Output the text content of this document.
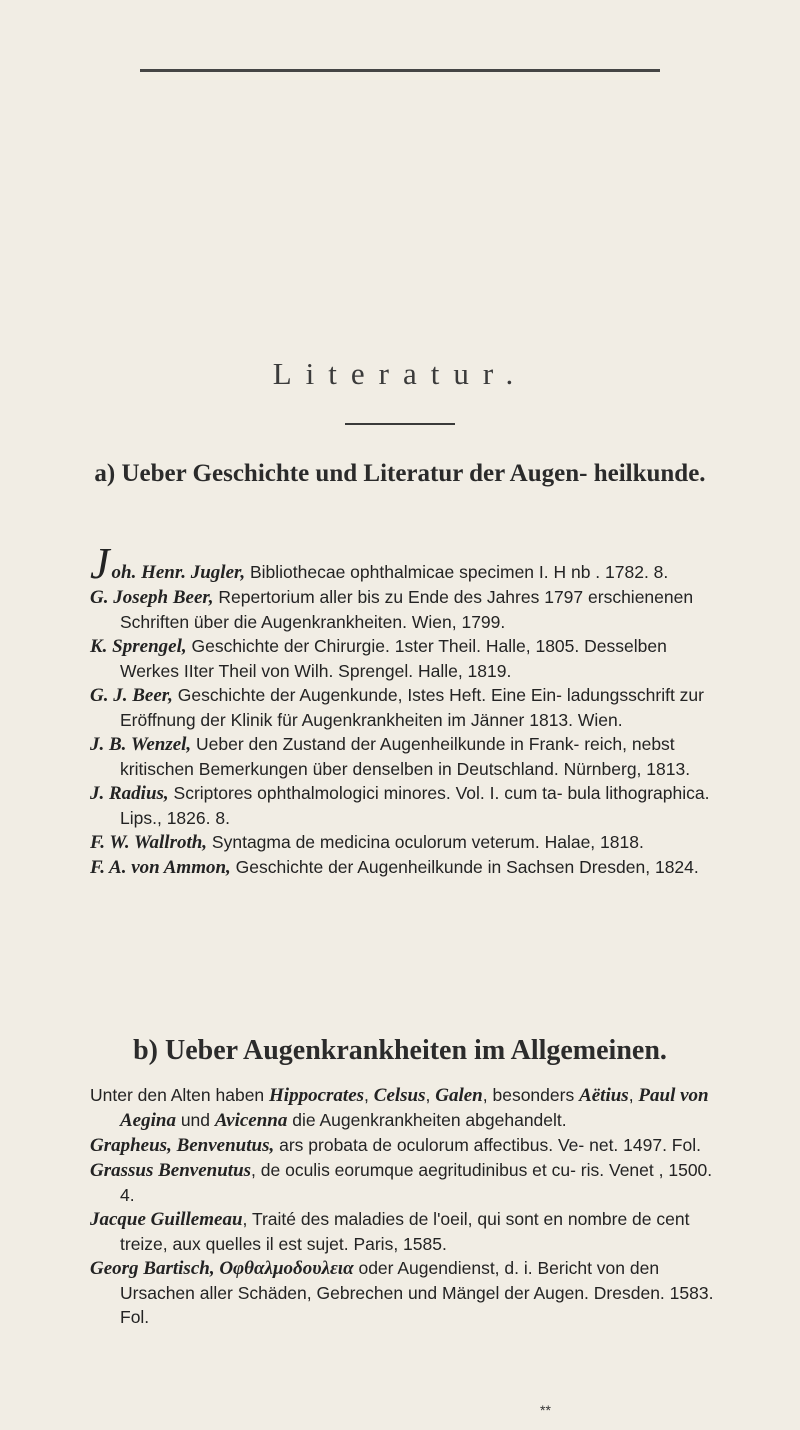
Literatur.
a) Ueber Geschichte und Literatur der Augen- heilkunde.

Joh. Henr. Jugler, Bibliothecae ophthalmicae specimen I. H nb . 1782. 8.

G. Joseph Beer, Repertorium aller bis zu Ende des Jahres 1797 erschienenen Schriften über die Augenkrankheiten. Wien, 1799.

K. Sprengel, Geschichte der Chirurgie. 1ster Theil. Halle, 1805. Desselben Werkes IIter Theil von Wilh. Sprengel. Halle, 1819.

G. J. Beer, Geschichte der Augenkunde, Istes Heft. Eine Ein- ladungsschrift zur Eröffnung der Klinik für Augenkrankheiten im Jänner 1813. Wien.

J. B. Wenzel, Ueber den Zustand der Augenheilkunde in Frank- reich, nebst kritischen Bemerkungen über denselben in Deutschland. Nürnberg, 1813.

J. Radius, Scriptores ophthalmologici minores. Vol. I. cum ta- bula lithographica. Lips., 1826. 8.

F. W. Wallroth, Syntagma de medicina oculorum veterum. Halae, 1818.

F. A. von Ammon, Geschichte der Augenheilkunde in Sachsen Dresden, 1824.

b) Ueber Augenkrankheiten im Allgemeinen.

Unter den Alten haben Hippocrates, Celsus, Galen, besonders Aëtius, Paul von Aegina und Avicenna die Augenkrankheiten abgehandelt.

Grapheus, Benvenutus, ars probata de oculorum affectibus. Ve- net. 1497. Fol.

Grassus Benvenutus, de oculis eorumque aegritudinibus et cu- ris. Venet , 1500. 4.

Jacque Guillemeau, Traité des maladies de l'oeil, qui sont en nombre de cent treize, aux quelles il est sujet. Paris, 1585.

Georg Bartisch, Οφθαλμοδουλεια oder Augendienst, d. i. Bericht von den Ursachen aller Schäden, Gebrechen und Mängel der Augen. Dresden. 1583. Fol.

**
